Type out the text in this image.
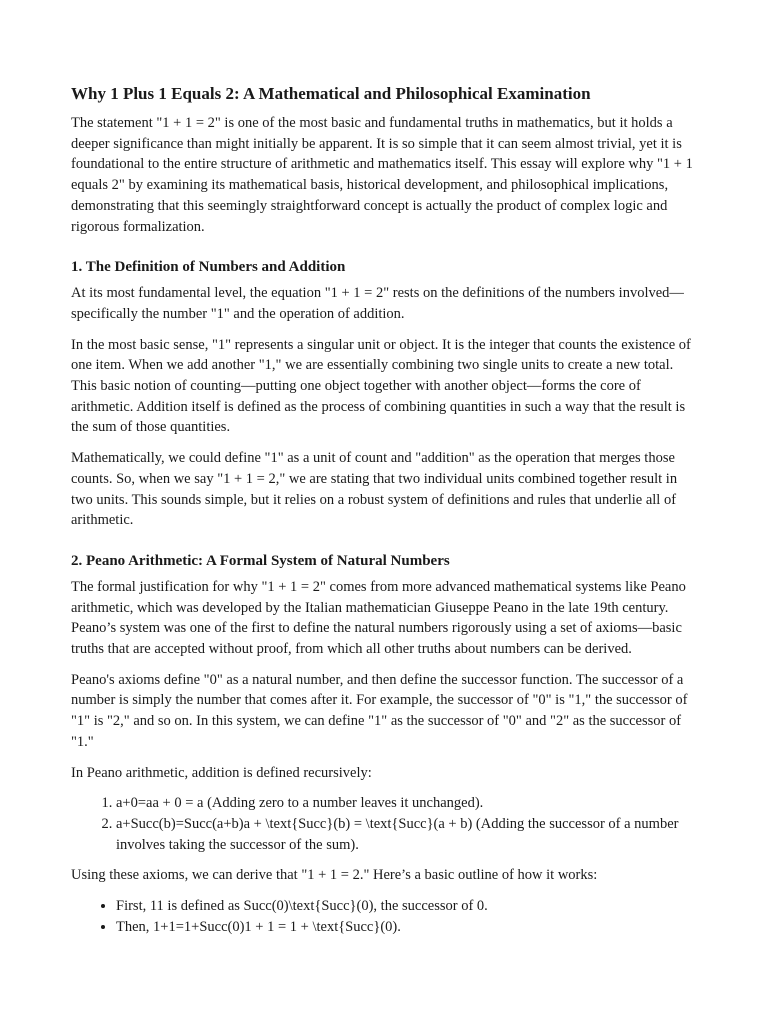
Why 1 Plus 1 Equals 2: A Mathematical and Philosophical Examination

The statement "1 + 1 = 2" is one of the most basic and fundamental truths in mathematics, but it holds a deeper significance than might initially be apparent. It is so simple that it can seem almost trivial, yet it is foundational to the entire structure of arithmetic and mathematics itself. This essay will explore why "1 + 1 equals 2" by examining its mathematical basis, historical development, and philosophical implications, demonstrating that this seemingly straightforward concept is actually the product of complex logic and rigorous formalization.

1. The Definition of Numbers and Addition

At its most fundamental level, the equation "1 + 1 = 2" rests on the definitions of the numbers involved—specifically the number "1" and the operation of addition.

In the most basic sense, "1" represents a singular unit or object. It is the integer that counts the existence of one item. When we add another "1," we are essentially combining two single units to create a new total. This basic notion of counting—putting one object together with another object—forms the core of arithmetic. Addition itself is defined as the process of combining quantities in such a way that the result is the sum of those quantities.

Mathematically, we could define "1" as a unit of count and "addition" as the operation that merges those counts. So, when we say "1 + 1 = 2," we are stating that two individual units combined together result in two units. This sounds simple, but it relies on a robust system of definitions and rules that underlie all of arithmetic.

2. Peano Arithmetic: A Formal System of Natural Numbers

The formal justification for why "1 + 1 = 2" comes from more advanced mathematical systems like Peano arithmetic, which was developed by the Italian mathematician Giuseppe Peano in the late 19th century. Peano’s system was one of the first to define the natural numbers rigorously using a set of axioms—basic truths that are accepted without proof, from which all other truths about numbers can be derived.

Peano's axioms define "0" as a natural number, and then define the successor function. The successor of a number is simply the number that comes after it. For example, the successor of "0" is "1," the successor of "1" is "2," and so on. In this system, we can define "1" as the successor of "0" and "2" as the successor of "1."

In Peano arithmetic, addition is defined recursively:

1. a+0=aa + 0 = a (Adding zero to a number leaves it unchanged).
2. a+Succ(b)=Succ(a+b)a + \text{Succ}(b) = \text{Succ}(a + b) (Adding the successor of a number involves taking the successor of the sum).

Using these axioms, we can derive that "1 + 1 = 2." Here’s a basic outline of how it works:

• First, 11 is defined as Succ(0)\text{Succ}(0), the successor of 0.
• Then, 1+1=1+Succ(0)1 + 1 = 1 + \text{Succ}(0).
